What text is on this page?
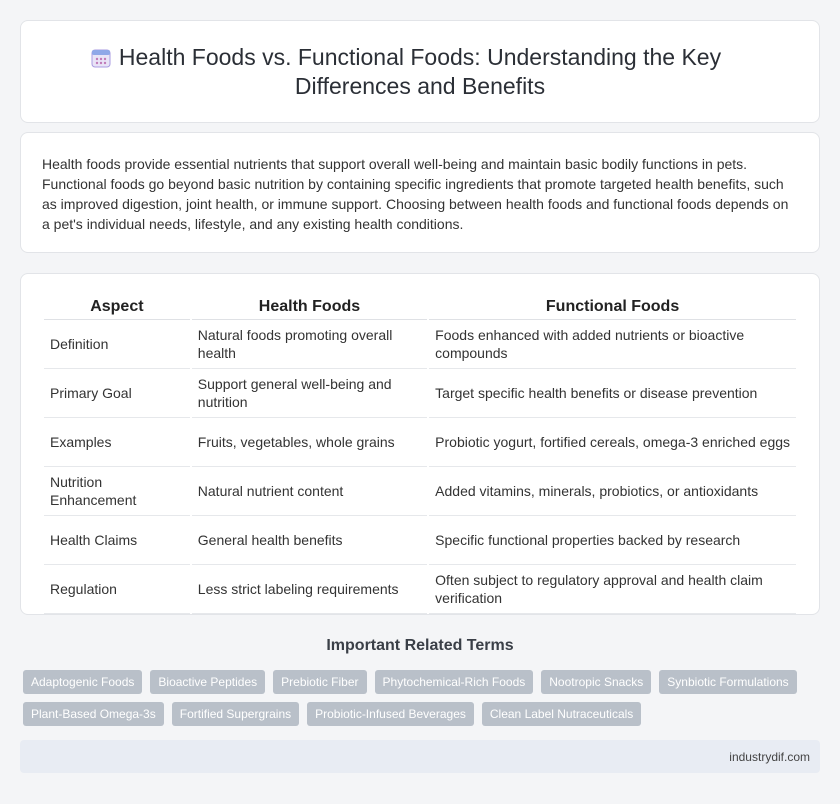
Health Foods vs. Functional Foods: Understanding the Key Differences and Benefits

Health foods provide essential nutrients that support overall well-being and maintain basic bodily functions in pets. Functional foods go beyond basic nutrition by containing specific ingredients that promote targeted health benefits, such as improved digestion, joint health, or immune support. Choosing between health foods and functional foods depends on a pet's individual needs, lifestyle, and any existing health conditions.

Aspect	Health Foods	Functional Foods
Definition	Natural foods promoting overall health	Foods enhanced with added nutrients or bioactive compounds
Primary Goal	Support general well-being and nutrition	Target specific health benefits or disease prevention
Examples	Fruits, vegetables, whole grains	Probiotic yogurt, fortified cereals, omega-3 enriched eggs
Nutrition Enhancement	Natural nutrient content	Added vitamins, minerals, probiotics, or antioxidants
Health Claims	General health benefits	Specific functional properties backed by research
Regulation	Less strict labeling requirements	Often subject to regulatory approval and health claim verification
Important Related Terms
Adaptogenic Foods	Bioactive Peptides	Prebiotic Fiber	Phytochemical-Rich Foods	Nootropic Snacks	Synbiotic Formulations
Plant-Based Omega-3s	Fortified Supergrains	Probiotic-Infused Beverages	Clean Label Nutraceuticals
industrydif.com
